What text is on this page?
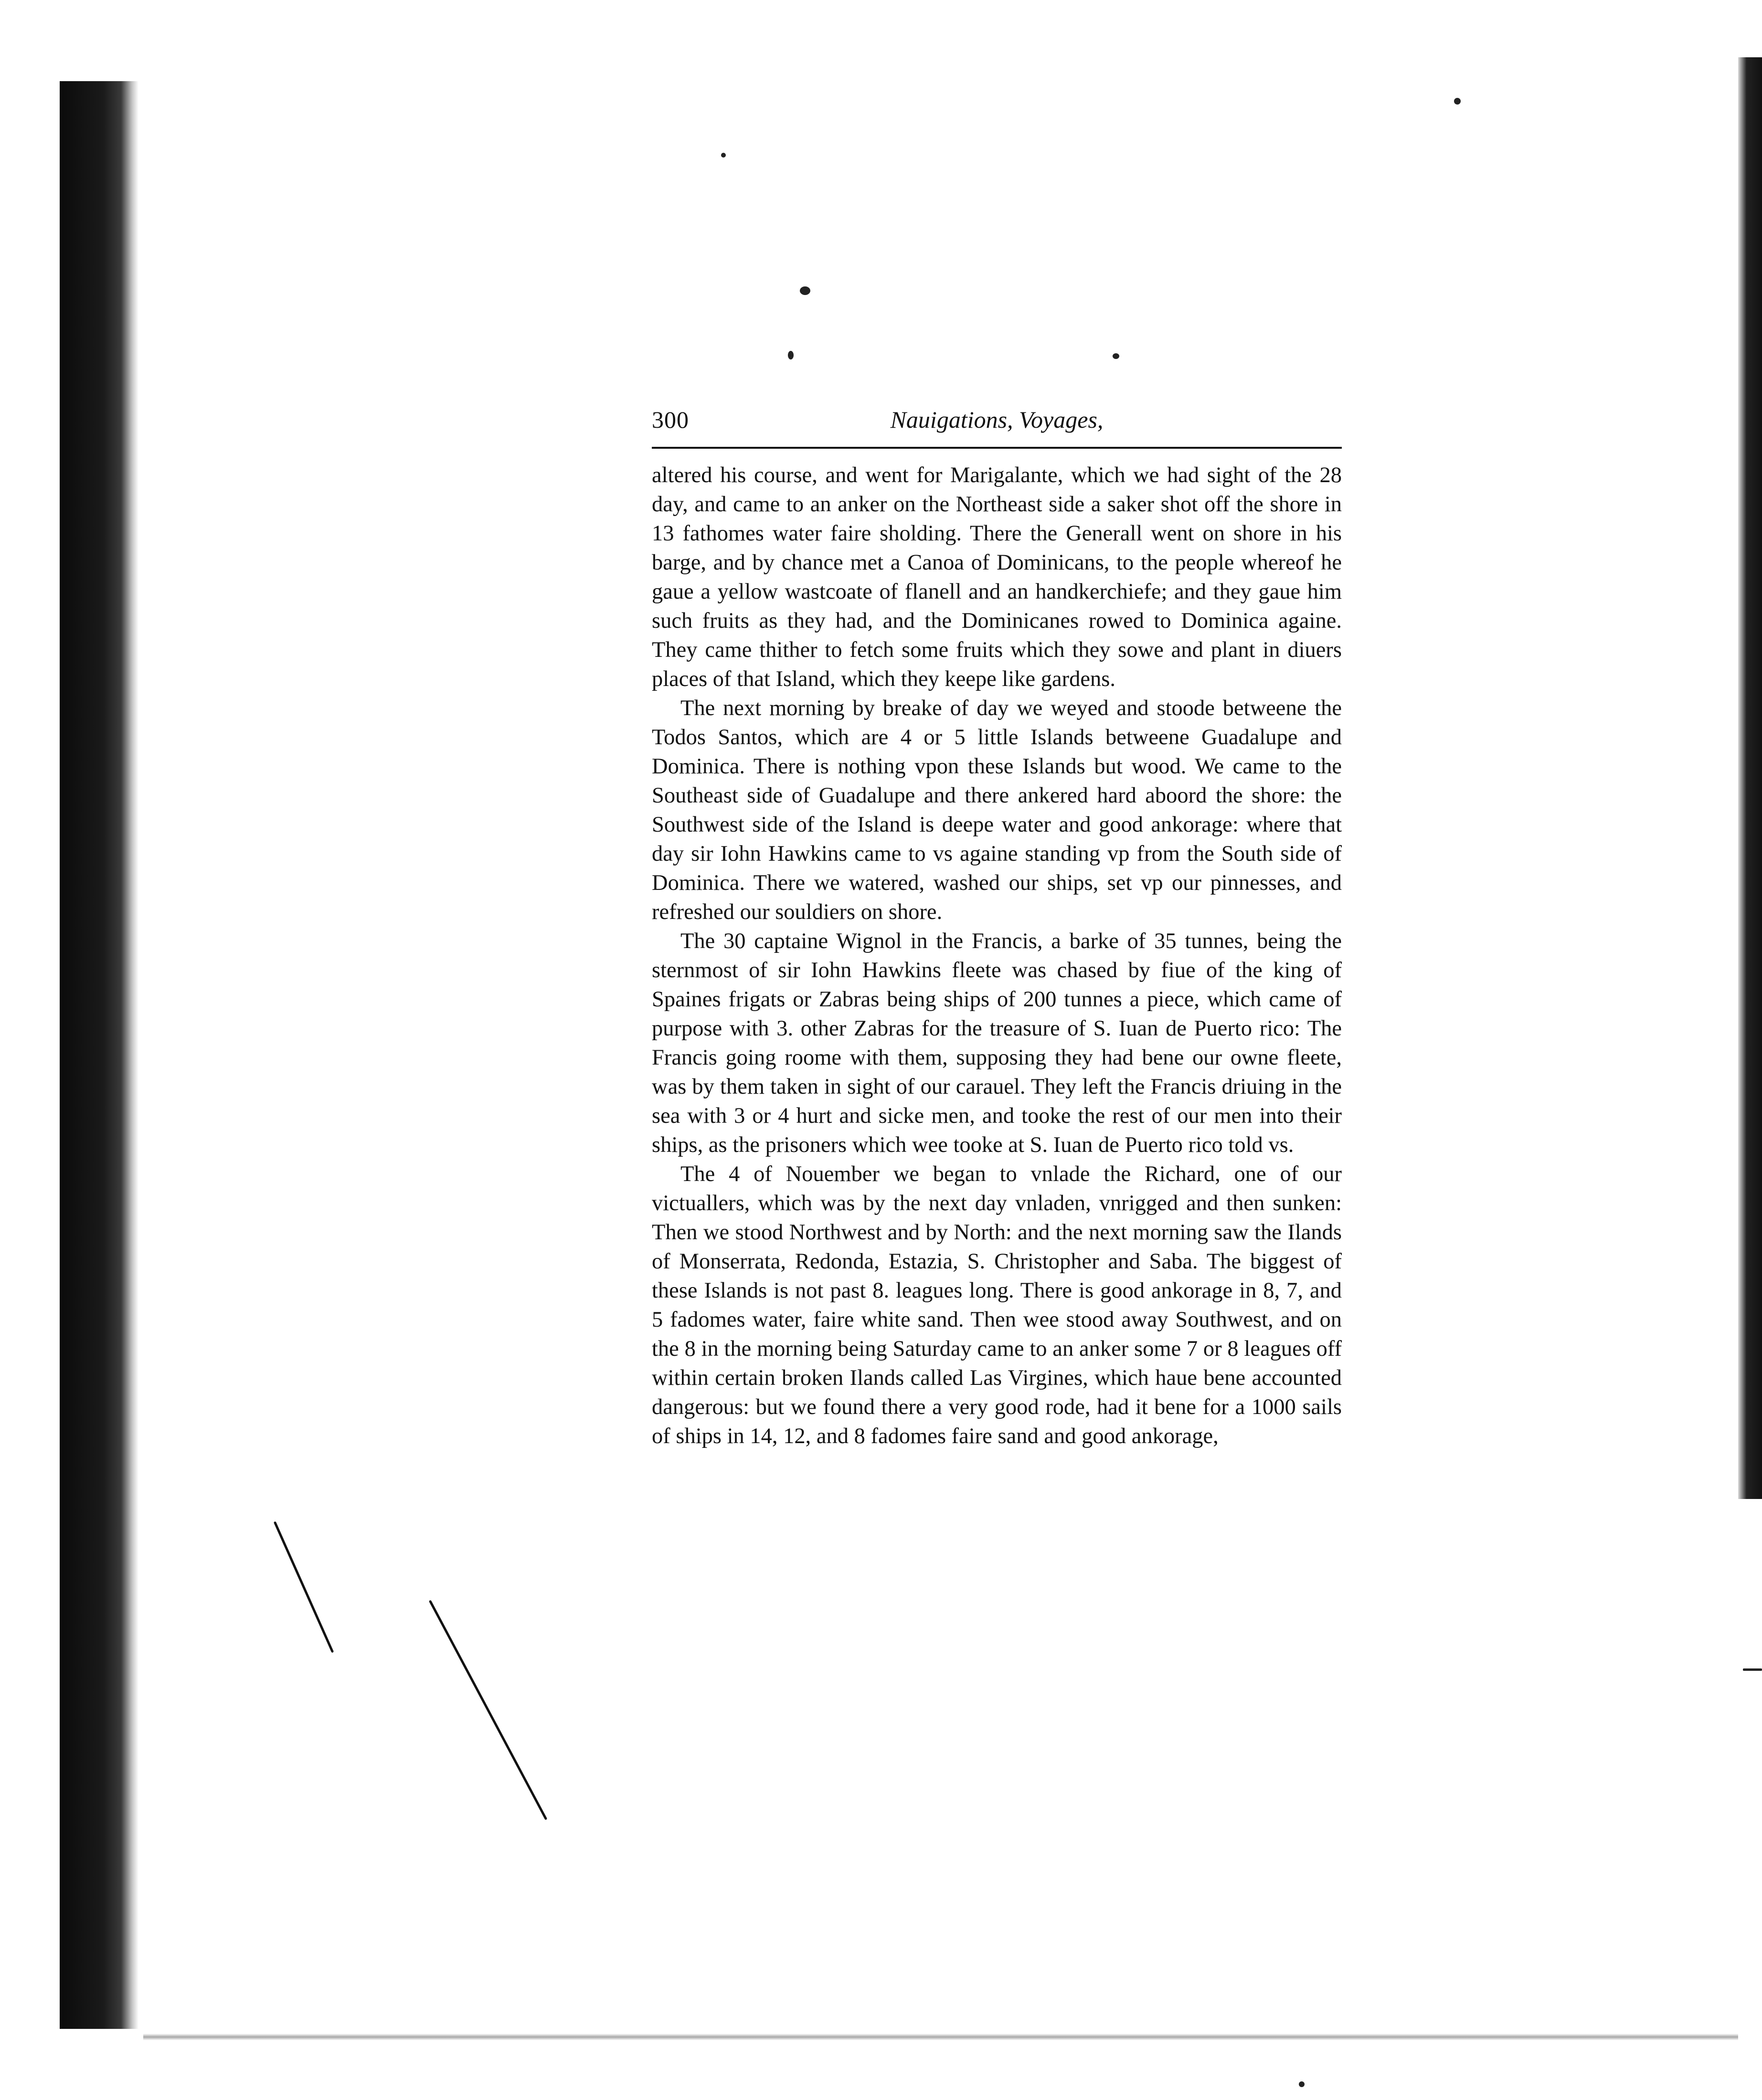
300	Nauigations, Voyages,

altered his course, and went for Marigalante, which we had sight of the 28 day, and came to an anker on the Northeast side a saker shot off the shore in 13 fathomes water faire sholding. There the Generall went on shore in his barge, and by chance met a Canoa of Dominicans, to the people whereof he gaue a yellow wastcoate of flanell and an handkerchiefe; and they gaue him such fruits as they had, and the Dominicanes rowed to Dominica againe. They came thither to fetch some fruits which they sowe and plant in diuers places of that Island, which they keepe like gardens.

The next morning by breake of day we weyed and stoode betweene the Todos Santos, which are 4 or 5 little Islands betweene Guadalupe and Dominica. There is nothing vpon these Islands but wood. We came to the Southeast side of Guadalupe and there ankered hard aboord the shore: the Southwest side of the Island is deepe water and good ankorage: where that day sir Iohn Hawkins came to vs againe standing vp from the South side of Dominica. There we watered, washed our ships, set vp our pinnesses, and refreshed our souldiers on shore.

The 30 captaine Wignol in the Francis, a barke of 35 tunnes, being the sternmost of sir Iohn Hawkins fleete was chased by fiue of the king of Spaines frigats or Zabras being ships of 200 tunnes a piece, which came of purpose with 3. other Zabras for the treasure of S. Iuan de Puerto rico: The Francis going roome with them, supposing they had bene our owne fleete, was by them taken in sight of our carauel. They left the Francis driuing in the sea with 3 or 4 hurt and sicke men, and tooke the rest of our men into their ships, as the prisoners which wee tooke at S. Iuan de Puerto rico told vs.

The 4 of Nouember we began to vnlade the Richard, one of our victuallers, which was by the next day vnladen, vnrigged and then sunken: Then we stood Northwest and by North: and the next morning saw the Ilands of Monserrata, Redonda, Estazia, S. Christopher and Saba. The biggest of these Islands is not past 8. leagues long. There is good ankorage in 8, 7, and 5 fadomes water, faire white sand. Then wee stood away Southwest, and on the 8 in the morning being Saturday came to an anker some 7 or 8 leagues off within certain broken Ilands called Las Virgines, which haue bene accounted dangerous: but we found there a very good rode, had it bene for a 1000 sails of ships in 14, 12, and 8 fadomes faire sand and good ankorage,
